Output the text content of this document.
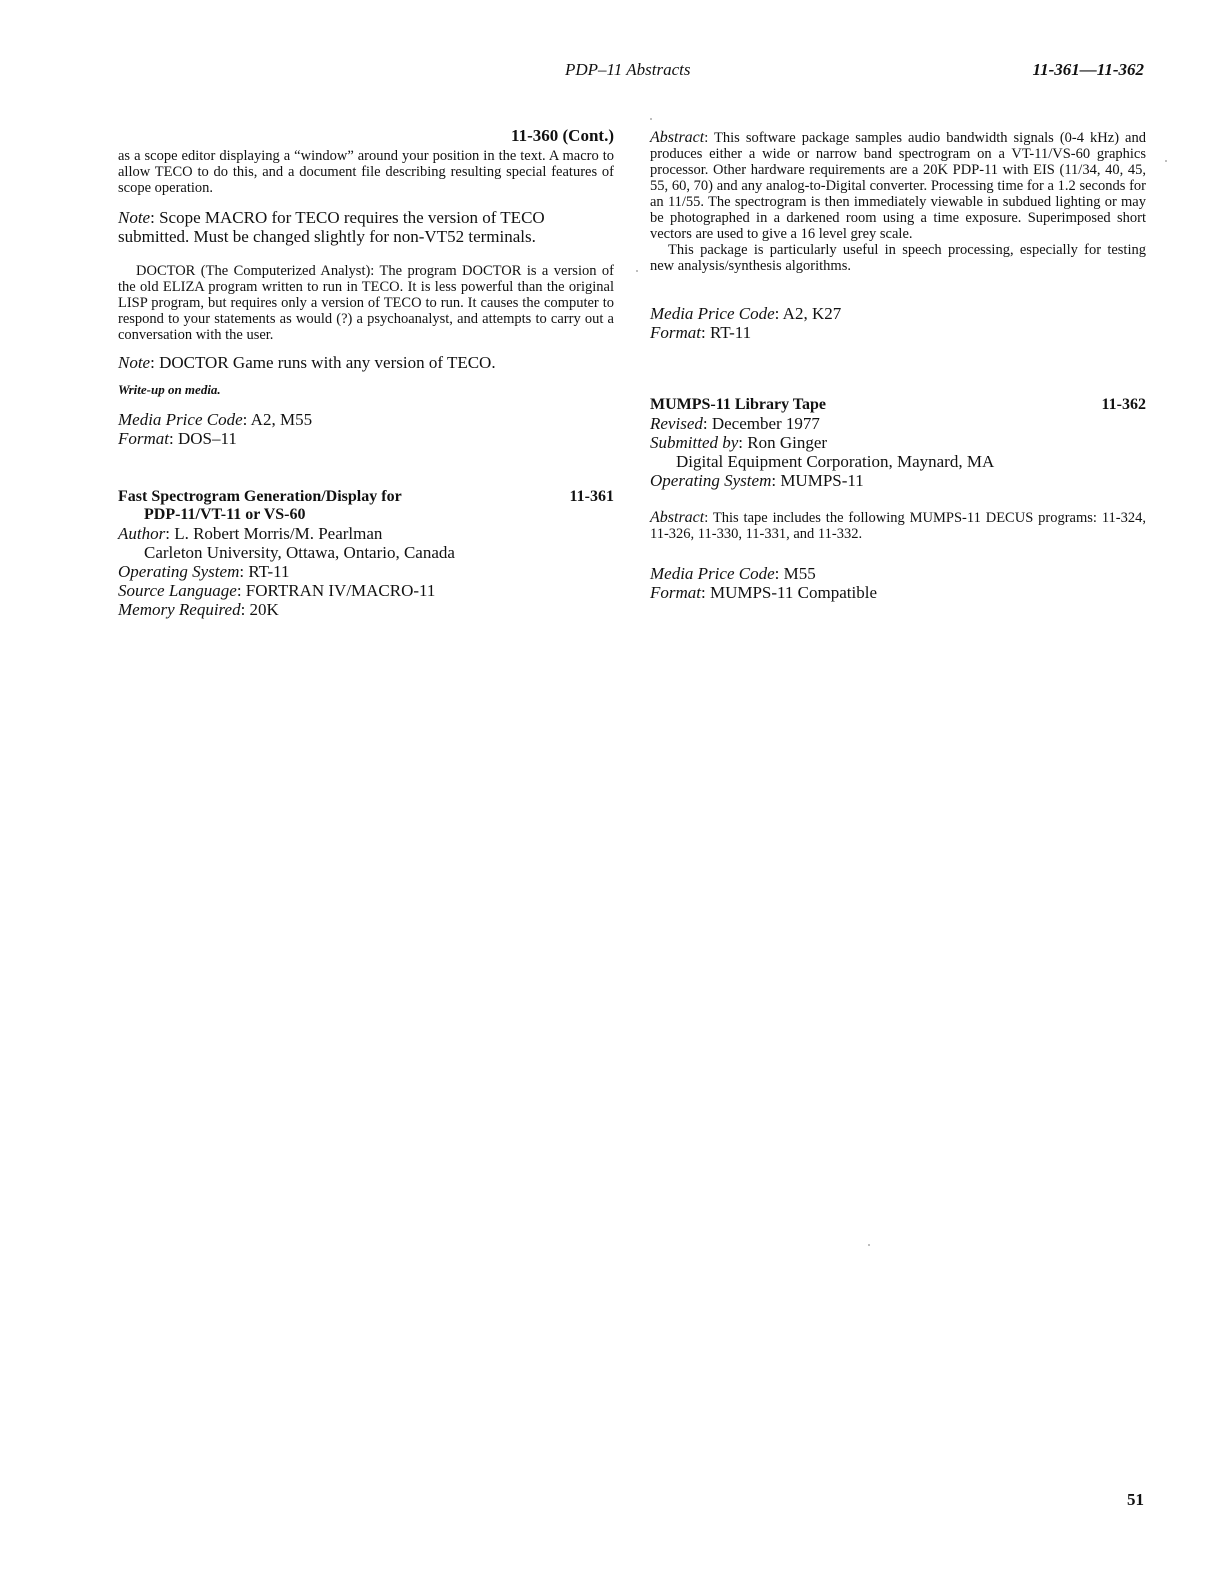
PDP–11 Abstracts	11-361—11-362

11-360 (Cont.)

as a scope editor displaying a “window” around your position in the text. A macro to allow TECO to do this, and a document file describing resulting special features of scope operation.

Note: Scope MACRO for TECO requires the version of TECO submitted. Must be changed slightly for non-VT52 terminals.

DOCTOR (The Computerized Analyst): The program DOCTOR is a version of the old ELIZA program written to run in TECO. It is less powerful than the original LISP program, but requires only a version of TECO to run. It causes the computer to respond to your statements as would (?) a psychoanalyst, and attempts to carry out a conversation with the user.

Note: DOCTOR Game runs with any version of TECO.

Write-up on media.

Media Price Code: A2, M55

Format: DOS–11

Fast Spectrogram Generation/Display for
PDP-11/VT-11 or VS-60
11-361

Author: L. Robert Morris/M. Pearlman

Carleton University, Ottawa, Ontario, Canada

Operating System: RT-11

Source Language: FORTRAN IV/MACRO-11

Memory Required: 20K

Abstract: This software package samples audio bandwidth signals (0-4 kHz) and produces either a wide or narrow band spectrogram on a VT-11/VS-60 graphics processor. Other hardware requirements are a 20K PDP-11 with EIS (11/34, 40, 45, 55, 60, 70) and any analog-to-Digital converter. Processing time for a 1.2 seconds for an 11/55. The spectrogram is then immediately viewable in subdued lighting or may be photographed in a darkened room using a time exposure. Superimposed short vectors are used to give a 16 level grey scale.

This package is particularly useful in speech processing, especially for testing new analysis/synthesis algorithms.

Media Price Code: A2, K27

Format: RT-11

MUMPS-11 Library Tape	11-362

Revised: December 1977

Submitted by: Ron Ginger

Digital Equipment Corporation, Maynard, MA

Operating System: MUMPS-11

Abstract: This tape includes the following MUMPS-11 DECUS programs: 11-324, 11-326, 11-330, 11-331, and 11-332.

Media Price Code: M55

Format: MUMPS-11 Compatible

51
